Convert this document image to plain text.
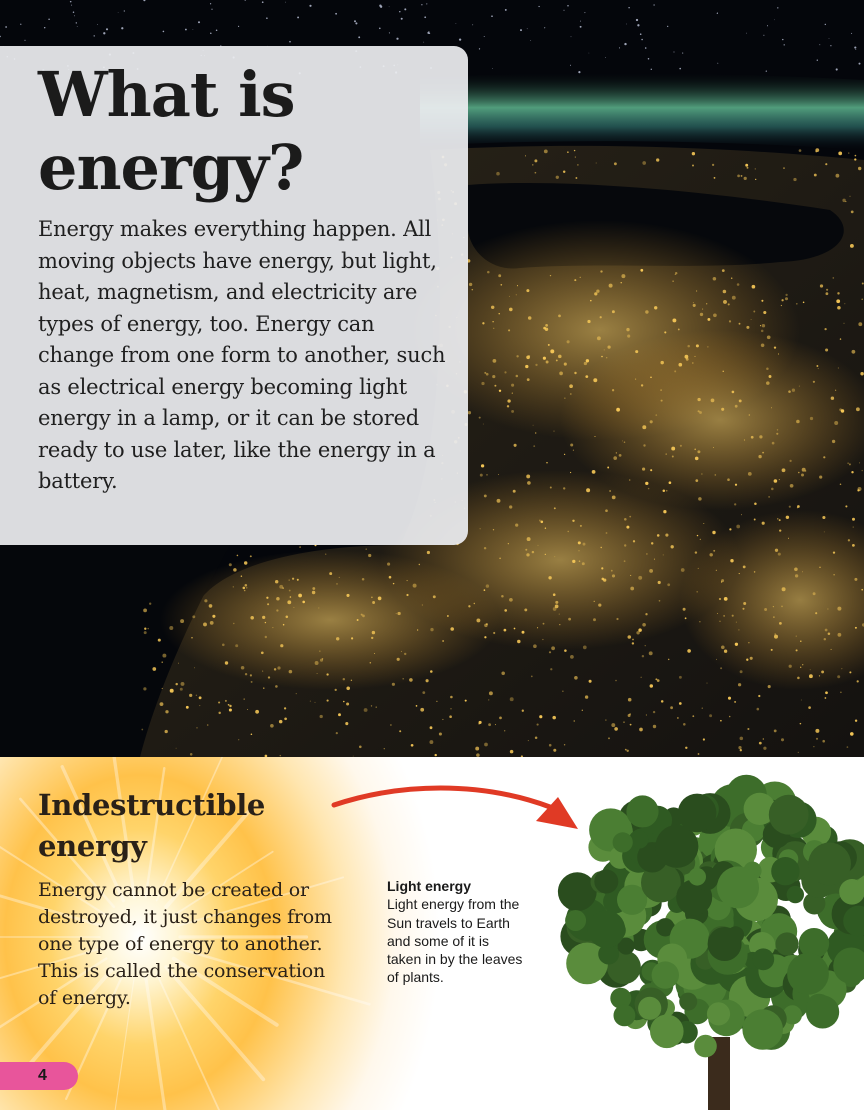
What is
energy?

Energy makes everything happen. All moving objects have energy, but light, heat, magnetism, and electricity are types of energy, too. Energy can change from one form to another, such as electrical energy becoming light energy in a lamp, or it can be stored ready to use later, like the energy in a battery.

Indestructible
energy

Energy cannot be created or destroyed, it just changes from one type of energy to another. This is called the conservation of energy.

Light energy
Light energy from the Sun travels to Earth and some of it is taken in by the leaves of plants.
4
